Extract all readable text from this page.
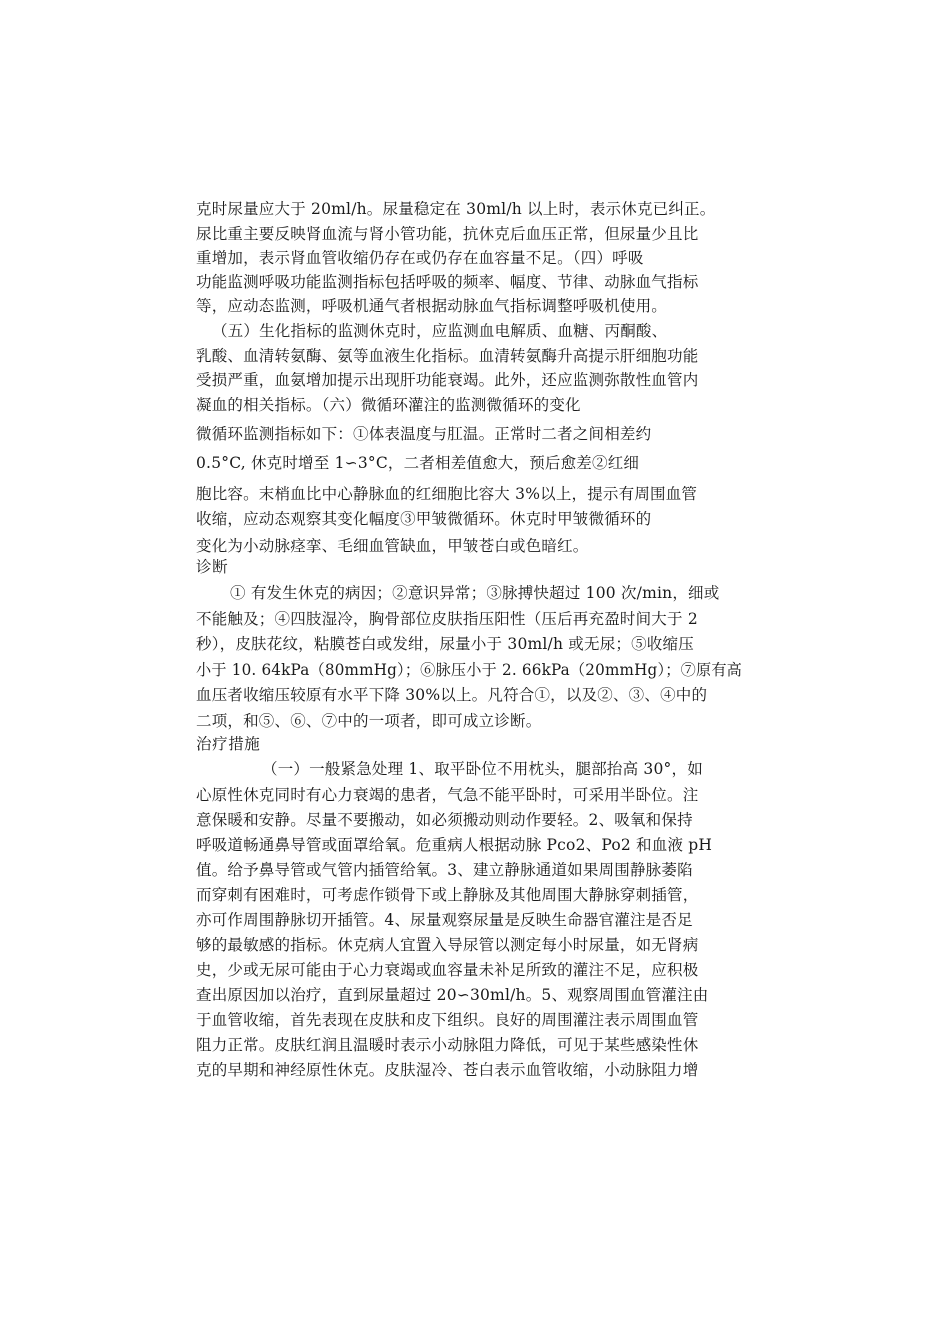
克时尿量应大于 20ml/h。尿量稳定在 30ml/h 以上时，表示休克已纠正。
尿比重主要反映肾血流与肾小管功能，抗休克后血压正常，但尿量少且比
重增加，表示肾血管收缩仍存在或仍存在血容量不足。（四）呼吸
功能监测呼吸功能监测指标包括呼吸的频率、幅度、节律、动脉血气指标
等，应动态监测，呼吸机通气者根据动脉血气指标调整呼吸机使用。
（五）生化指标的监测休克时，应监测血电解质、血糖、丙酮酸、
乳酸、血清转氨酶、氨等血液生化指标。血清转氨酶升高提示肝细胞功能
受损严重，血氨增加提示出现肝功能衰竭。此外，还应监测弥散性血管内
凝血的相关指标。（六）微循环灌注的监测微循环的变化
微循环监测指标如下：①体表温度与肛温。正常时二者之间相差约
0.5°C, 休克时增至 1∽3°C，二者相差值愈大，预后愈差②红细
胞比容。末梢血比中心静脉血的红细胞比容大 3%以上，提示有周围血管
收缩，应动态观察其变化幅度③甲皱微循环。休克时甲皱微循环的
变化为小动脉痉挛、毛细血管缺血，甲皱苍白或色暗红。
诊断
① 有发生休克的病因；②意识异常；③脉搏快超过 100 次/min，细或
不能触及；④四肢湿冷，胸骨部位皮肤指压阳性（压后再充盈时间大于 2
秒），皮肤花纹，粘膜苍白或发绀，尿量小于 30ml/h 或无尿；⑤收缩压
小于 10. 64kPa（80mmHg）；⑥脉压小于 2. 66kPa（20mmHg）；⑦原有高
血压者收缩压较原有水平下降 30%以上。凡符合①，以及②、③、④中的
二项，和⑤、⑥、⑦中的一项者，即可成立诊断。
治疗措施
（一）一般紧急处理 1、取平卧位不用枕头，腿部抬高 30°，如
心原性休克同时有心力衰竭的患者，气急不能平卧时，可采用半卧位。注
意保暖和安静。尽量不要搬动，如必须搬动则动作要轻。2、吸氧和保持
呼吸道畅通鼻导管或面罩给氧。危重病人根据动脉 Pco2、Po2 和血液 pH
值。给予鼻导管或气管内插管给氧。3、建立静脉通道如果周围静脉萎陷
而穿刺有困难时，可考虑作锁骨下或上静脉及其他周围大静脉穿刺插管，
亦可作周围静脉切开插管。4、尿量观察尿量是反映生命器官灌注是否足
够的最敏感的指标。休克病人宜置入导尿管以测定每小时尿量，如无肾病
史，少或无尿可能由于心力衰竭或血容量未补足所致的灌注不足，应积极
查出原因加以治疗，直到尿量超过 20∽30ml/h。5、观察周围血管灌注由
于血管收缩，首先表现在皮肤和皮下组织。良好的周围灌注表示周围血管
阻力正常。皮肤红润且温暖时表示小动脉阻力降低，可见于某些感染性休
克的早期和神经原性休克。皮肤湿冷、苍白表示血管收缩，小动脉阻力增
